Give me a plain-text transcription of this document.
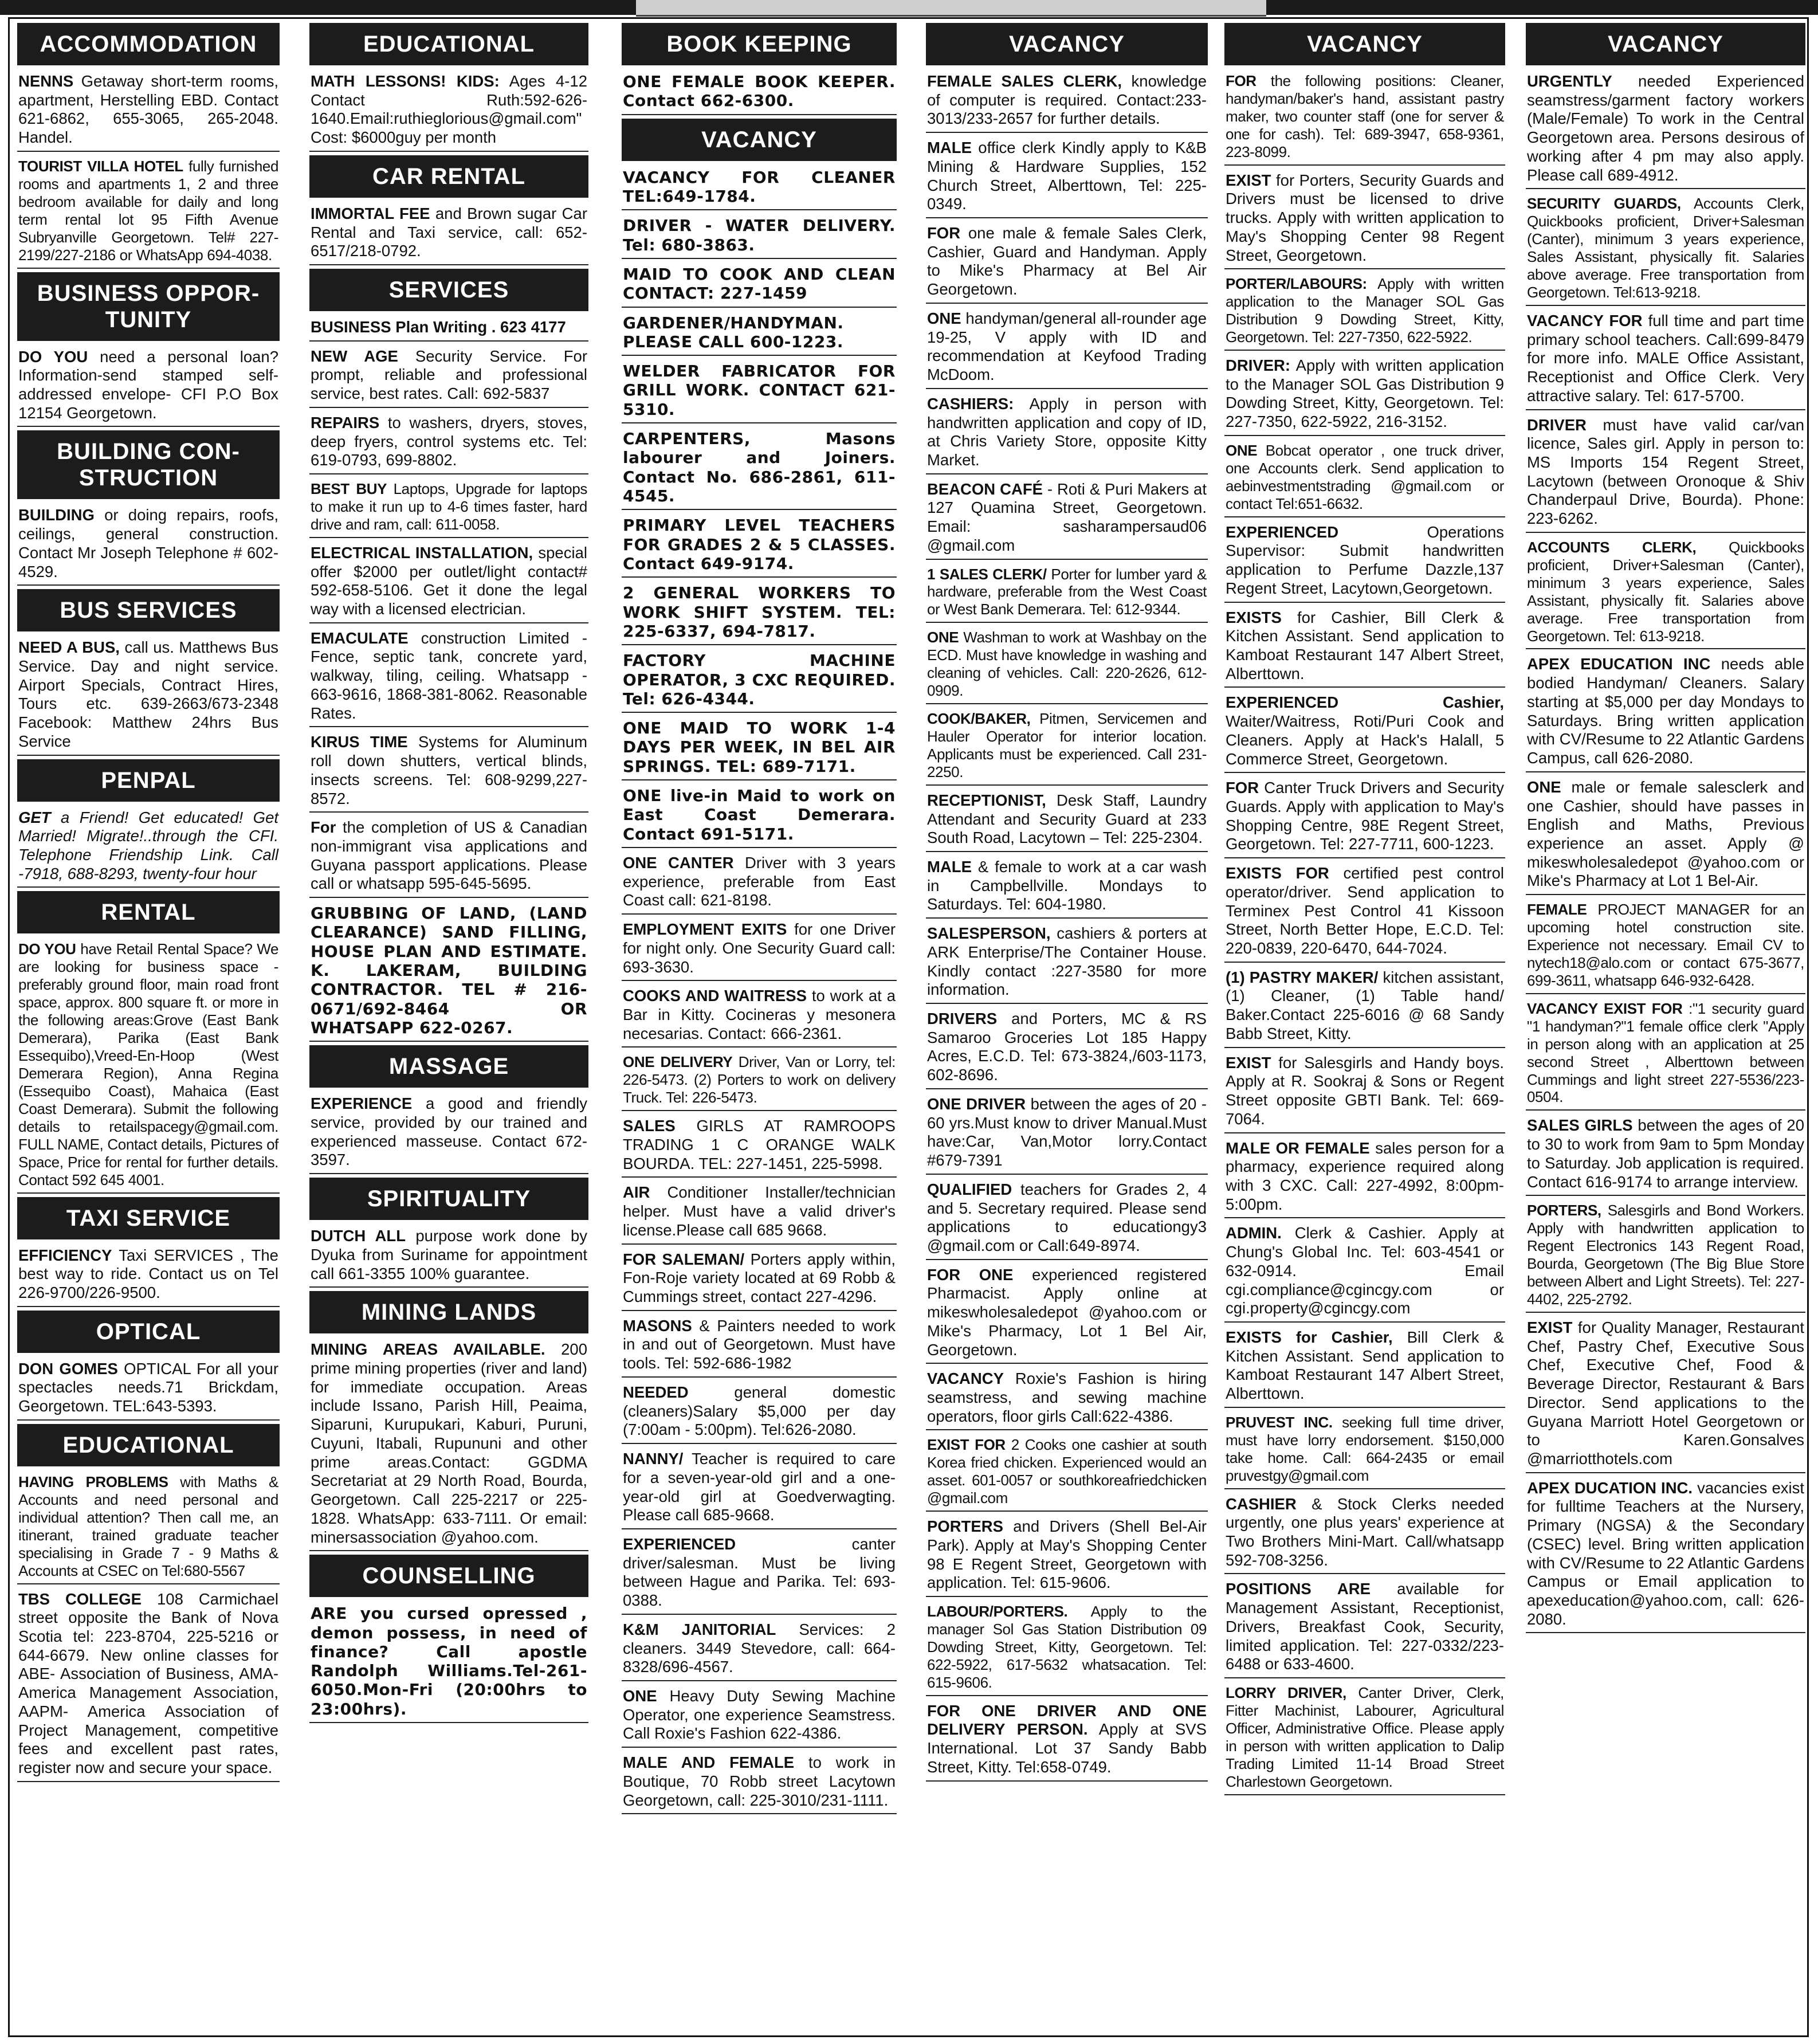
ACCOMMODATION
NENNS Getaway short-term rooms, apartment, Herstelling EBD. Contact 621-6862, 655-3065, 265-2048. Handel.
TOURIST VILLA HOTEL fully furnished rooms and apartments 1, 2 and three bedroom available for daily and long term rental lot 95 Fifth Avenue Subryanville Georgetown. Tel# 227-2199/227-2186 or WhatsApp 694-4038.
BUSINESS OPPOR-TUNITY
DO YOU need a personal loan? Information-send stamped self-addressed envelope- CFI P.O Box 12154 Georgetown.
BUILDING CON-STRUCTION
BUILDING or doing repairs, roofs, ceilings, general construction. Contact Mr Joseph Telephone # 602-4529.
BUS SERVICES
NEED A BUS, call us. Matthews Bus Service. Day and night service. Airport Specials, Contract Hires, Tours etc. 639-2663/673-2348 Facebook: Matthew 24hrs Bus Service
PENPAL
GET a Friend! Get educated! Get Married! Migrate!..through the CFI. Telephone Friendship Link. Call -7918, 688-8293, twenty-four hour
RENTAL
DO YOU have Retail Rental Space? We are looking for business space - preferably ground floor, main road front space, approx. 800 square ft. or more in the following areas:Grove (East Bank Demerara), Parika (East Bank Essequibo),Vreed-En-Hoop (West Demerara Region), Anna Regina (Essequibo Coast), Mahaica (East Coast Demerara). Submit the following details to retailspacegy@gmail.com. FULL NAME, Contact details, Pictures of Space, Price for rental for further details. Contact 592 645 4001.
TAXI SERVICE
EFFICIENCY Taxi SERVICES , The best way to ride. Contact us on Tel 226-9700/226-9500.
OPTICAL
DON GOMES OPTICAL For all your spectacles needs.71 Brickdam, Georgetown. TEL:643-5393.
EDUCATIONAL
HAVING PROBLEMS with Maths & Accounts and need personal and individual attention? Then call me, an itinerant, trained graduate teacher specialising in Grade 7 - 9 Maths & Accounts at CSEC on Tel:680-5567
TBS COLLEGE 108 Carmichael street opposite the Bank of Nova Scotia tel: 223-8704, 225-5216 or 644-6679. New online classes for ABE- Association of Business, AMA- America Management Association, AAPM- America Association of Project Management, competitive fees and excellent past rates, register now and secure your space.
EDUCATIONAL
MATH LESSONS! KIDS: Ages 4-12 Contact Ruth:592-626-1640.Email:ruthieglorious@gmail.com" Cost: $6000guy per month
CAR RENTAL
IMMORTAL FEE and Brown sugar Car Rental and Taxi service, call: 652-6517/218-0792.
SERVICES
BUSINESS Plan Writing . 623 4177
NEW AGE Security Service. For prompt, reliable and professional service, best rates. Call: 692-5837
REPAIRS to washers, dryers, stoves, deep fryers, control systems etc. Tel: 619-0793, 699-8802.
BEST BUY Laptops, Upgrade for laptops to make it run up to 4-6 times faster, hard drive and ram, call: 611-0058.
ELECTRICAL INSTALLATION, special offer $2000 per outlet/light contact# 592-658-5106. Get it done the legal way with a licensed electrician.
EMACULATE construction Limited - Fence, septic tank, concrete yard, walkway, tiling, ceiling. Whatsapp - 663-9616, 1868-381-8062. Reasonable Rates.
KIRUS TIME Systems for Aluminum roll down shutters, vertical blinds, insects screens. Tel: 608-9299,227-8572.
For the completion of US & Canadian non-immigrant visa applications and Guyana passport applications. Please call or whatsapp 595-645-5695.
GRUBBING OF LAND, (LAND CLEARANCE) SAND FILLING, HOUSE PLAN AND ESTIMATE. K. LAKERAM, BUILDING CONTRACTOR. TEL # 216-0671/692-8464 OR WHATSAPP 622-0267.
MASSAGE
EXPERIENCE a good and friendly service, provided by our trained and experienced masseuse. Contact 672-3597.
SPIRITUALITY
DUTCH ALL purpose work done by Dyuka from Suriname for appointment call 661-3355 100% guarantee.
MINING LANDS
MINING AREAS AVAILABLE. 200 prime mining properties (river and land) for immediate occupation. Areas include Issano, Parish Hill, Peaima, Siparuni, Kurupukari, Kaburi, Puruni, Cuyuni, Itabali, Rupununi and other prime areas.Contact: GGDMA Secretariat at 29 North Road, Bourda, Georgetown. Call 225-2217 or 225-1828. WhatsApp: 633-7111. Or email: minersassociation @yahoo.com.
COUNSELLING
ARE you cursed opressed , demon possess, in need of finance? Call apostle Randolph Williams.Tel-261-6050.Mon-Fri (20:00hrs to 23:00hrs).
BOOK KEEPING
ONE FEMALE BOOK KEEPER. Contact 662-6300.
VACANCY
VACANCY FOR CLEANER TEL:649-1784.
DRIVER - WATER DELIVERY. Tel: 680-3863.
MAID TO COOK AND CLEAN CONTACT: 227-1459
GARDENER/HANDYMAN. PLEASE CALL 600-1223.
WELDER FABRICATOR FOR GRILL WORK. CONTACT 621-5310.
CARPENTERS, Masons labourer and Joiners. Contact No. 686-2861, 611-4545.
PRIMARY LEVEL TEACHERS FOR GRADES 2 & 5 CLASSES. Contact 649-9174.
2 GENERAL WORKERS TO WORK SHIFT SYSTEM. TEL: 225-6337, 694-7817.
FACTORY MACHINE OPERATOR, 3 CXC REQUIRED. Tel: 626-4344.
ONE MAID TO WORK 1-4 DAYS PER WEEK, IN BEL AIR SPRINGS. TEL: 689-7171.
ONE live-in Maid to work on East Coast Demerara. Contact 691-5171.
ONE CANTER Driver with 3 years experience, preferable from East Coast call: 621-8198.
EMPLOYMENT EXITS for one Driver for night only. One Security Guard call: 693-3630.
COOKS AND WAITRESS to work at a Bar in Kitty. Cocineras y mesonera necesarias. Contact: 666-2361.
ONE DELIVERY Driver, Van or Lorry, tel: 226-5473. (2) Porters to work on delivery Truck. Tel: 226-5473.
SALES GIRLS AT RAMROOPS TRADING 1 C ORANGE WALK BOURDA. TEL: 227-1451, 225-5998.
AIR Conditioner Installer/technician helper. Must have a valid driver's license.Please call 685 9668.
FOR SALEMAN/ Porters apply within, Fon-Roje variety located at 69 Robb & Cummings street, contact 227-4296.
MASONS & Painters needed to work in and out of Georgetown. Must have tools. Tel: 592-686-1982
NEEDED	general domestic (cleaners)Salary $5,000 per day (7:00am - 5:00pm). Tel:626-2080.
NANNY/ Teacher is required to care for a seven-year-old girl and a one-year-old girl at Goedverwagting. Please call 685-9668.
EXPERIENCED	canter driver/salesman. Must be living between Hague and Parika. Tel: 693-0388.
K&M JANITORIAL Services: 2 cleaners. 3449 Stevedore, call: 664-8328/696-4567.
ONE Heavy Duty Sewing Machine Operator, one experience Seamstress. Call Roxie's Fashion 622-4386.
MALE AND FEMALE to work in Boutique, 70 Robb street Lacytown Georgetown, call: 225-3010/231-1111.
VACANCY
FEMALE SALES CLERK, knowledge of computer is required. Contact:233-3013/233-2657 for further details.
MALE office clerk Kindly apply to K&B Mining & Hardware Supplies, 152 Church Street, Alberttown, Tel: 225-0349.
FOR one male & female Sales Clerk, Cashier, Guard and Handyman. Apply to Mike's Pharmacy at Bel Air Georgetown.
ONE handyman/general all-rounder age 19-25, V apply with ID and recommendation at Keyfood Trading McDoom.
CASHIERS: Apply in person with handwritten application and copy of ID, at Chris Variety Store, opposite Kitty Market.
BEACON CAFÉ - Roti & Puri Makers at 127 Quamina Street, Georgetown. Email: sasharampersaud06 @gmail.com
1 SALES CLERK/ Porter for lumber yard & hardware, preferable from the West Coast or West Bank Demerara. Tel: 612-9344.
ONE Washman to work at Washbay on the ECD. Must have knowledge in washing and cleaning of vehicles. Call: 220-2626, 612-0909.
COOK/BAKER, Pitmen, Servicemen and Hauler Operator for interior location. Applicants must be experienced. Call 231-2250.
RECEPTIONIST, Desk Staff, Laundry Attendant and Security Guard at 233 South Road, Lacytown – Tel: 225-2304.
MALE & female to work at a car wash in Campbellville. Mondays to Saturdays. Tel: 604-1980.
SALESPERSON, cashiers & porters at ARK Enterprise/The Container House. Kindly contact :227-3580 for more information.
DRIVERS and Porters, MC & RS Samaroo Groceries Lot 185 Happy Acres, E.C.D. Tel: 673-3824,/603-1173, 602-8696.
ONE DRIVER between the ages of 20 - 60 yrs.Must know to driver Manual.Must have:Car, Van,Motor lorry.Contact #679-7391
QUALIFIED teachers for Grades 2, 4 and 5. Secretary required. Please send applications to educationgy3 @gmail.com or Call:649-8974.
FOR ONE experienced registered Pharmacist. Apply online at mikeswholesaledepot @yahoo.com or Mike's Pharmacy, Lot 1 Bel Air, Georgetown.
VACANCY Roxie's Fashion is hiring seamstress, and sewing machine operators, floor girls Call:622-4386.
EXIST FOR 2 Cooks one cashier at south Korea fried chicken. Experienced would an asset. 601-0057 or southkoreafriedchicken @gmail.com
PORTERS and Drivers (Shell Bel-Air Park). Apply at May's Shopping Center 98 E Regent Street, Georgetown with application. Tel: 615-9606.
LABOUR/PORTERS. Apply to the manager Sol Gas Station Distribution 09 Dowding Street, Kitty, Georgetown. Tel: 622-5922, 617-5632 whatsacation. Tel: 615-9606.
FOR ONE DRIVER AND ONE DELIVERY PERSON. Apply at SVS International. Lot 37 Sandy Babb Street, Kitty. Tel:658-0749.
VACANCY
FOR the following positions: Cleaner, handyman/baker's hand, assistant pastry maker, two counter staff (one for server & one for cash). Tel: 689-3947, 658-9361, 223-8099.
EXIST for Porters, Security Guards and Drivers must be licensed to drive trucks. Apply with written application to May's Shopping Center 98 Regent Street, Georgetown.
PORTER/LABOURS: Apply with written application to the Manager SOL Gas Distribution 9 Dowding Street, Kitty, Georgetown. Tel: 227-7350, 622-5922.
DRIVER: Apply with written application to the Manager SOL Gas Distribution 9 Dowding Street, Kitty, Georgetown. Tel: 227-7350, 622-5922, 216-3152.
ONE Bobcat operator , one truck driver, one Accounts clerk. Send application to aebinvestmentstrading @gmail.com or contact Tel:651-6632.
EXPERIENCED	Operations Supervisor: Submit handwritten application to Perfume Dazzle,137 Regent Street, Lacytown,Georgetown.
EXISTS for Cashier, Bill Clerk & Kitchen Assistant. Send application to Kamboat Restaurant 147 Albert Street, Alberttown.
EXPERIENCED Cashier, Waiter/Waitress, Roti/Puri Cook and Cleaners. Apply at Hack's Halall, 5 Commerce Street, Georgetown.
FOR Canter Truck Drivers and Security Guards. Apply with application to May's Shopping Centre, 98E Regent Street, Georgetown. Tel: 227-7711, 600-1223.
EXISTS FOR certified pest control operator/driver. Send application to Terminex Pest Control 41 Kissoon Street, North Better Hope, E.C.D. Tel: 220-0839, 220-6470, 644-7024.
(1) PASTRY MAKER/ kitchen assistant,(1) Cleaner, (1) Table hand/ Baker.Contact 225-6016 @ 68 Sandy Babb Street, Kitty.
EXIST for Salesgirls and Handy boys. Apply at R. Sookraj & Sons or Regent Street opposite GBTI Bank. Tel: 669-7064.
MALE OR FEMALE sales person for a pharmacy, experience required along with 3 CXC. Call: 227-4992, 8:00pm-5:00pm.
ADMIN. Clerk & Cashier. Apply at Chung's Global Inc. Tel: 603-4541 or 632-0914. Email cgi.compliance@cgincgy.com or cgi.property@cgincgy.com
EXISTS for Cashier, Bill Clerk & Kitchen Assistant. Send application to Kamboat Restaurant 147 Albert Street, Alberttown.
PRUVEST INC. seeking full time driver, must have lorry endorsement. $150,000 take home. Call: 664-2435 or email pruvestgy@gmail.com
CASHIER & Stock Clerks needed urgently, one plus years' experience at Two Brothers Mini-Mart. Call/whatsapp 592-708-3256.
POSITIONS ARE available for Management Assistant, Receptionist, Drivers, Breakfast Cook, Security, limited application. Tel: 227-0332/223-6488 or 633-4600.
LORRY DRIVER, Canter Driver, Clerk, Fitter Machinist, Labourer, Agricultural Officer, Administrative Office. Please apply in person with written application to Dalip Trading Limited 11-14 Broad Street Charlestown Georgetown.
VACANCY
URGENTLY needed Experienced seamstress/garment factory workers (Male/Female) To work in the Central Georgetown area. Persons desirous of working after 4 pm may also apply. Please call 689-4912.
SECURITY GUARDS, Accounts Clerk, Quickbooks proficient, Driver+Salesman (Canter), minimum 3 years experience, Sales Assistant, physically fit. Salaries above average. Free transportation from Georgetown. Tel:613-9218.
VACANCY FOR full time and part time primary school teachers. Call:699-8479 for more info. MALE Office Assistant, Receptionist and Office Clerk. Very attractive salary. Tel: 617-5700.
DRIVER must have valid car/van licence, Sales girl. Apply in person to: MS Imports 154 Regent Street, Lacytown (between Oronoque & Shiv Chanderpaul Drive, Bourda). Phone: 223-6262.
ACCOUNTS CLERK, Quickbooks proficient, Driver+Salesman (Canter), minimum 3 years experience, Sales Assistant, physically fit. Salaries above average. Free transportation from Georgetown. Tel: 613-9218.
APEX EDUCATION INC needs able bodied Handyman/ Cleaners. Salary starting at $5,000 per day Mondays to Saturdays. Bring written application with CV/Resume to 22 Atlantic Gardens Campus, call 626-2080.
ONE male or female salesclerk and one Cashier, should have passes in English and Maths, Previous experience an asset. Apply @ mikeswholesaledepot @yahoo.com or Mike's Pharmacy at Lot 1 Bel-Air.
FEMALE PROJECT MANAGER for an upcoming hotel construction site. Experience not necessary. Email CV to nytech18@alo.com or contact 675-3677, 699-3611, whatsapp 646-932-6428.
VACANCY EXIST FOR :"1 security guard "1 handyman?"1 female office clerk "Apply in person along with an application at 25 second Street , Alberttown between Cummings and light street 227-5536/223-0504.
SALES GIRLS between the ages of 20 to 30 to work from 9am to 5pm Monday to Saturday. Job application is required. Contact 616-9174 to arrange interview.
PORTERS, Salesgirls and Bond Workers. Apply with handwritten application to Regent Electronics 143 Regent Road, Bourda, Georgetown (The Big Blue Store between Albert and Light Streets). Tel: 227-4402, 225-2792.
EXIST for Quality Manager, Restaurant Chef, Pastry Chef, Executive Sous Chef, Executive Chef, Food & Beverage Director, Restaurant & Bars Director. Send applications to the Guyana Marriott Hotel Georgetown or to Karen.Gonsalves @marriotthotels.com
APEX DUCATION INC. vacancies exist for fulltime Teachers at the Nursery, Primary (NGSA) & the Secondary (CSEC) level. Bring written application with CV/Resume to 22 Atlantic Gardens Campus or Email application to apexeducation@yahoo.com, call: 626-2080.
